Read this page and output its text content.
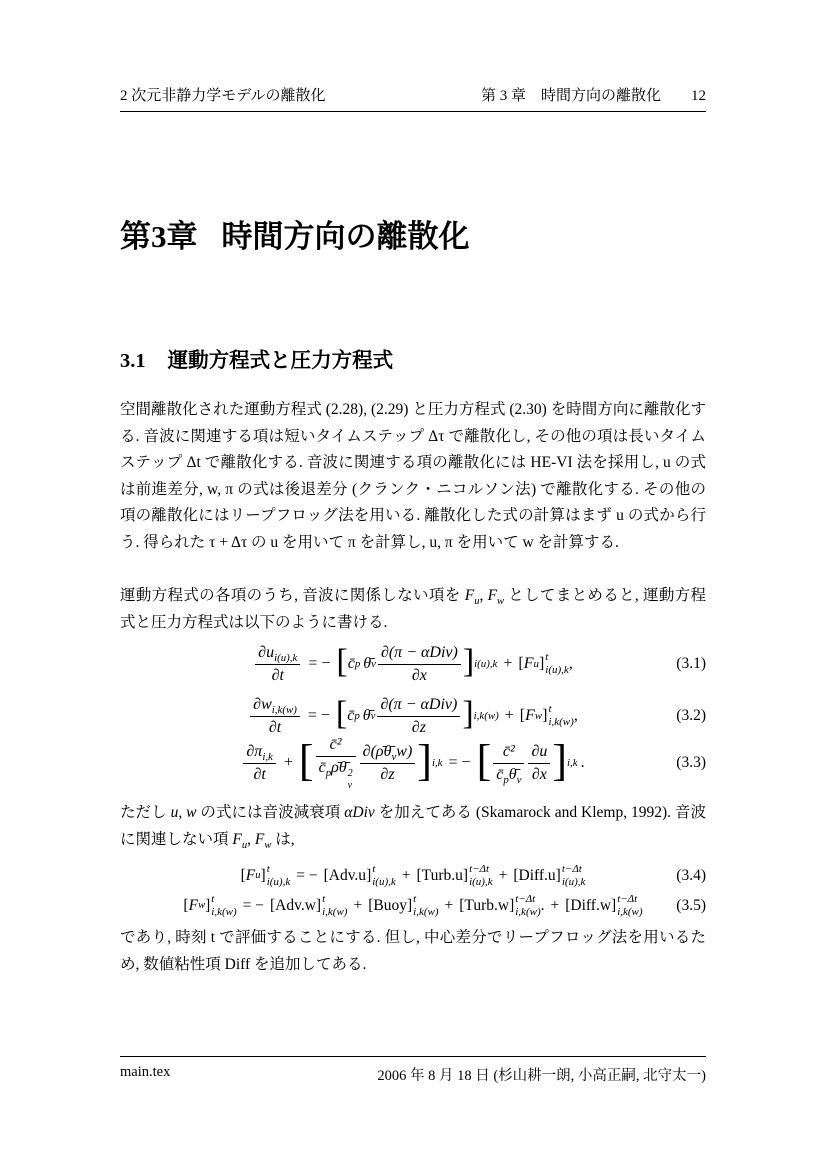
2 次元非静力学モデルの離散化	第 3 章　 時間方向の離散化 12
第3章 時間方向の離散化
3.1 運動方程式と圧力方程式
空間離散化された運動方程式 (2.28), (2.29) と圧力方程式 (2.30) を時間方向に離散化する. 音波に関連する項は短いタイムステップ Δτ で離散化し, その他の項は長いタイムステップ Δt で離散化する. 音波に関連する項の離散化には HE-VI 法を採用し, u の式は前進差分, w, π の式は後退差分 (クランク・ニコルソン法) で離散化する. その他の項の離散化にはリープフロッグ法を用いる. 離散化した式の計算はまず u の式から行う. 得られた τ + Δτ の u を用いて π を計算し, u, π を用いて w を計算する.
運動方程式の各項のうち, 音波に関係しない項を $F_u$, $F_w$ としてまとめると, 運動方程式と圧力方程式は以下のように書ける.
$\frac{\partial u_{i(u),k}}{\partial t}$ = − [ c̄ p θ̄ v $\frac{\text{∂(π − αDiv)}}{\partial x}$ ] i(u),k + [ F u ] t
i(u),k ,	(3.1)
$\frac{\partial w_{i,k(w)}}{\partial t}$ = − [ c̄ p θ̄ v $\frac{\text{∂(π − αDiv)}}{\partial z}$ ] i,k(w) + [ F w ] t
i,k(w) ,	(3.2)
$\frac{\partial\pi_{i,k}}{\partial t}$ + [ c̄²
$c̄_p\rhō\thetā$ 2
v $\frac{\partial(\rhō\thetā_vw)}{\partial z}$ ] i,k = − [ $\frac{\text{c̄²}}{c̄_p\thetā_v} \frac{\partial u}{\partial x}$ ] i,k .	(3.3)
ただし u, w の式には音波減衰項 αDiv を加えてある (Skamarock and Klemp, 1992). 音波に関連しない項 $F_u$, $F_w$ は,
[ F u ] t
i(u),k = − [ Adv.u ] t
i(u),k + [ Turb.u ] t−Δt
i(u),k + [ Diff.u ] t−Δt
i(u),k	(3.4)
[ F w ] t
i,k(w) = − [ Adv.w ] t
i,k(w) + [ Buoy ] t
i,k(w) + [ Turb.w ] t−Δt
i,k(w) . + [ Diff.w ] t−Δt
i,k(w) (3.5)
であり, 時刻 t で評価することにする. 但し, 中心差分でリープフロッグ法を用いるため, 数値粘性項 Diff を追加してある.
main.tex	2006 年 8 月 18 日 (杉山耕一朗, 小高正嗣, 北守太一)
